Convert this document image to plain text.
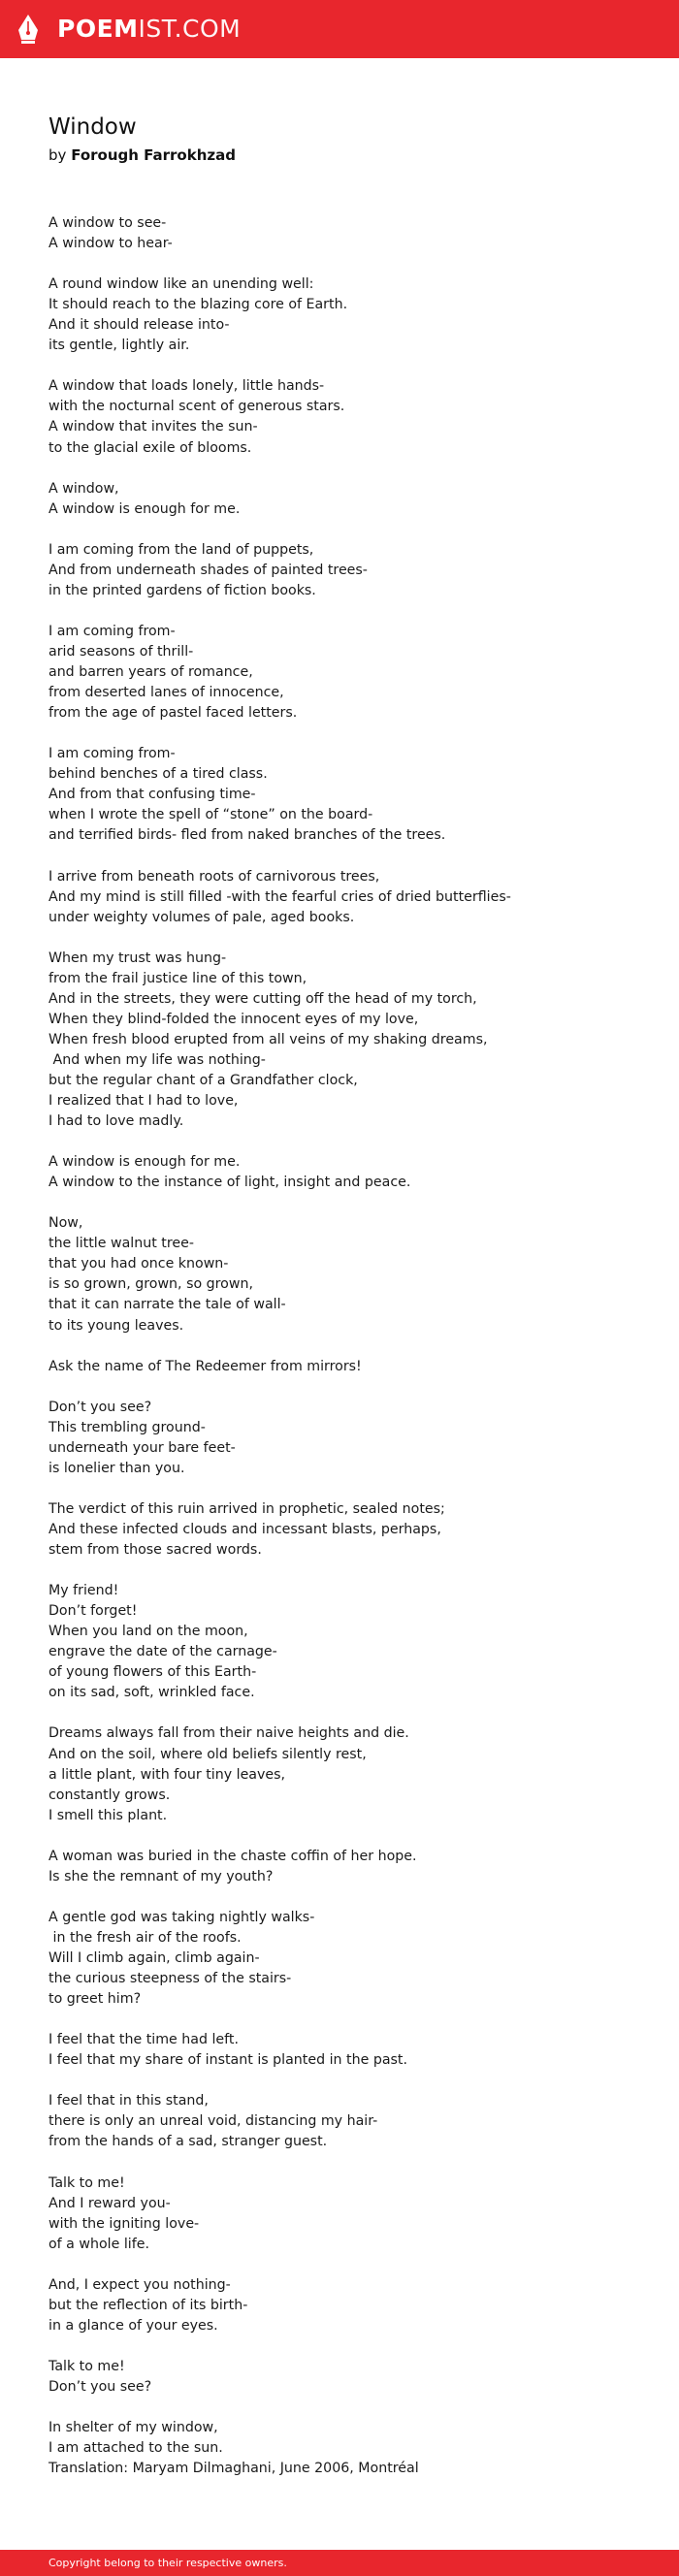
POEMIST.COM
Window

by Forough Farrokhzad

A window to see-
A window to hear-
A round window like an unending well:
It should reach to the blazing core of Earth.
And it should release into-
its gentle, lightly air.
A window that loads lonely, little hands-
with the nocturnal scent of generous stars.
A window that invites the sun-
to the glacial exile of blooms.
A window,
A window is enough for me.
I am coming from the land of puppets,
And from underneath shades of painted trees-
in the printed gardens of fiction books.
I am coming from-
arid seasons of thrill-
and barren years of romance,
from deserted lanes of innocence,
from the age of pastel faced letters.
I am coming from-
behind benches of a tired class.
And from that confusing time-
when I wrote the spell of “stone” on the board-
and terrified birds- fled from naked branches of the trees.
I arrive from beneath roots of carnivorous trees,
And my mind is still filled -with the fearful cries of dried butterflies-
under weighty volumes of pale, aged books.
When my trust was hung-
from the frail justice line of this town,
And in the streets, they were cutting off the head of my torch,
When they blind-folded the innocent eyes of my love,
When fresh blood erupted from all veins of my shaking dreams,
And when my life was nothing-
but the regular chant of a Grandfather clock,
I realized that I had to love,
I had to love madly.
A window is enough for me.
A window to the instance of light, insight and peace.
Now,
the little walnut tree-
that you had once known-
is so grown, grown, so grown,
that it can narrate the tale of wall-
to its young leaves.
Ask the name of The Redeemer from mirrors!
Don’t you see?
This trembling ground-
underneath your bare feet-
is lonelier than you.
The verdict of this ruin arrived in prophetic, sealed notes;
And these infected clouds and incessant blasts, perhaps,
stem from those sacred words.
My friend!
Don’t forget!
When you land on the moon,
engrave the date of the carnage-
of young flowers of this Earth-
on its sad, soft, wrinkled face.
Dreams always fall from their naive heights and die.
And on the soil, where old beliefs silently rest,
a little plant, with four tiny leaves,
constantly grows.
I smell this plant.
A woman was buried in the chaste coffin of her hope.
Is she the remnant of my youth?
A gentle god was taking nightly walks-
in the fresh air of the roofs.
Will I climb again, climb again-
the curious steepness of the stairs-
to greet him?
I feel that the time had left.
I feel that my share of instant is planted in the past.
I feel that in this stand,
there is only an unreal void, distancing my hair-
from the hands of a sad, stranger guest.
Talk to me!
And I reward you-
with the igniting love-
of a whole life.
And, I expect you nothing-
but the reflection of its birth-
in a glance of your eyes.
Talk to me!
Don’t you see?
In shelter of my window,
I am attached to the sun.
Translation: Maryam Dilmaghani, June 2006, Montréal
Copyright belong to their respective owners.
